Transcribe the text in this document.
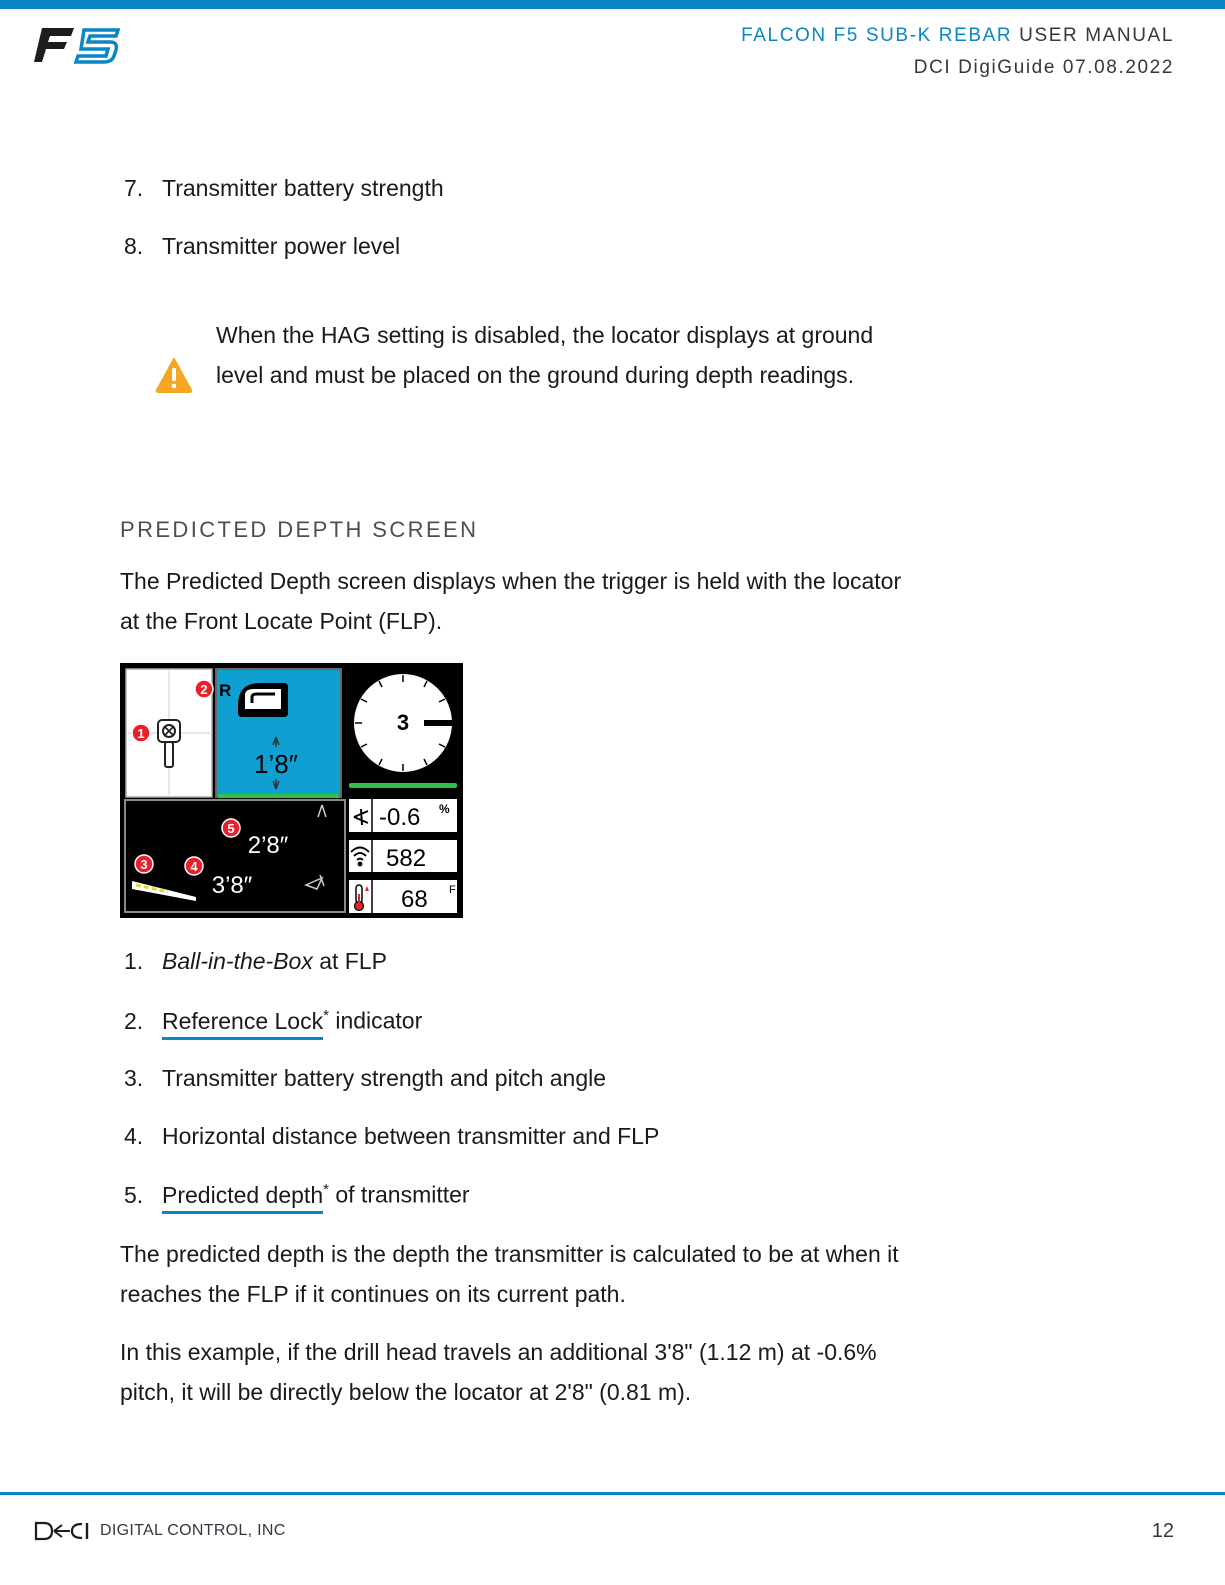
FALCON F5 SUB-K REBAR USER MANUAL
DCI DigiGuide 07.08.2022
7. Transmitter battery strength
8. Transmitter power level
When the HAG setting is disabled, the locator displays at ground level and must be placed on the ground during depth readings.
PREDICTED DEPTH SCREEN
The Predicted Depth screen displays when the trigger is held with the locator at the Front Locate Point (FLP).
R
1’8″
3
2’8″
3’8″
-0.6 %
582
68 F
1
2
3	4
5
1. Ball-in-the-Box at FLP
2. Reference Lock* indicator
3. Transmitter battery strength and pitch angle
4. Horizontal distance between transmitter and FLP
5. Predicted depth* of transmitter
The predicted depth is the depth the transmitter is calculated to be at when it reaches the FLP if it continues on its current path.
In this example, if the drill head travels an additional 3'8" (1.12 m) at -0.6% pitch, it will be directly below the locator at 2'8" (0.81 m).
DIGITAL CONTROL, INC	12
